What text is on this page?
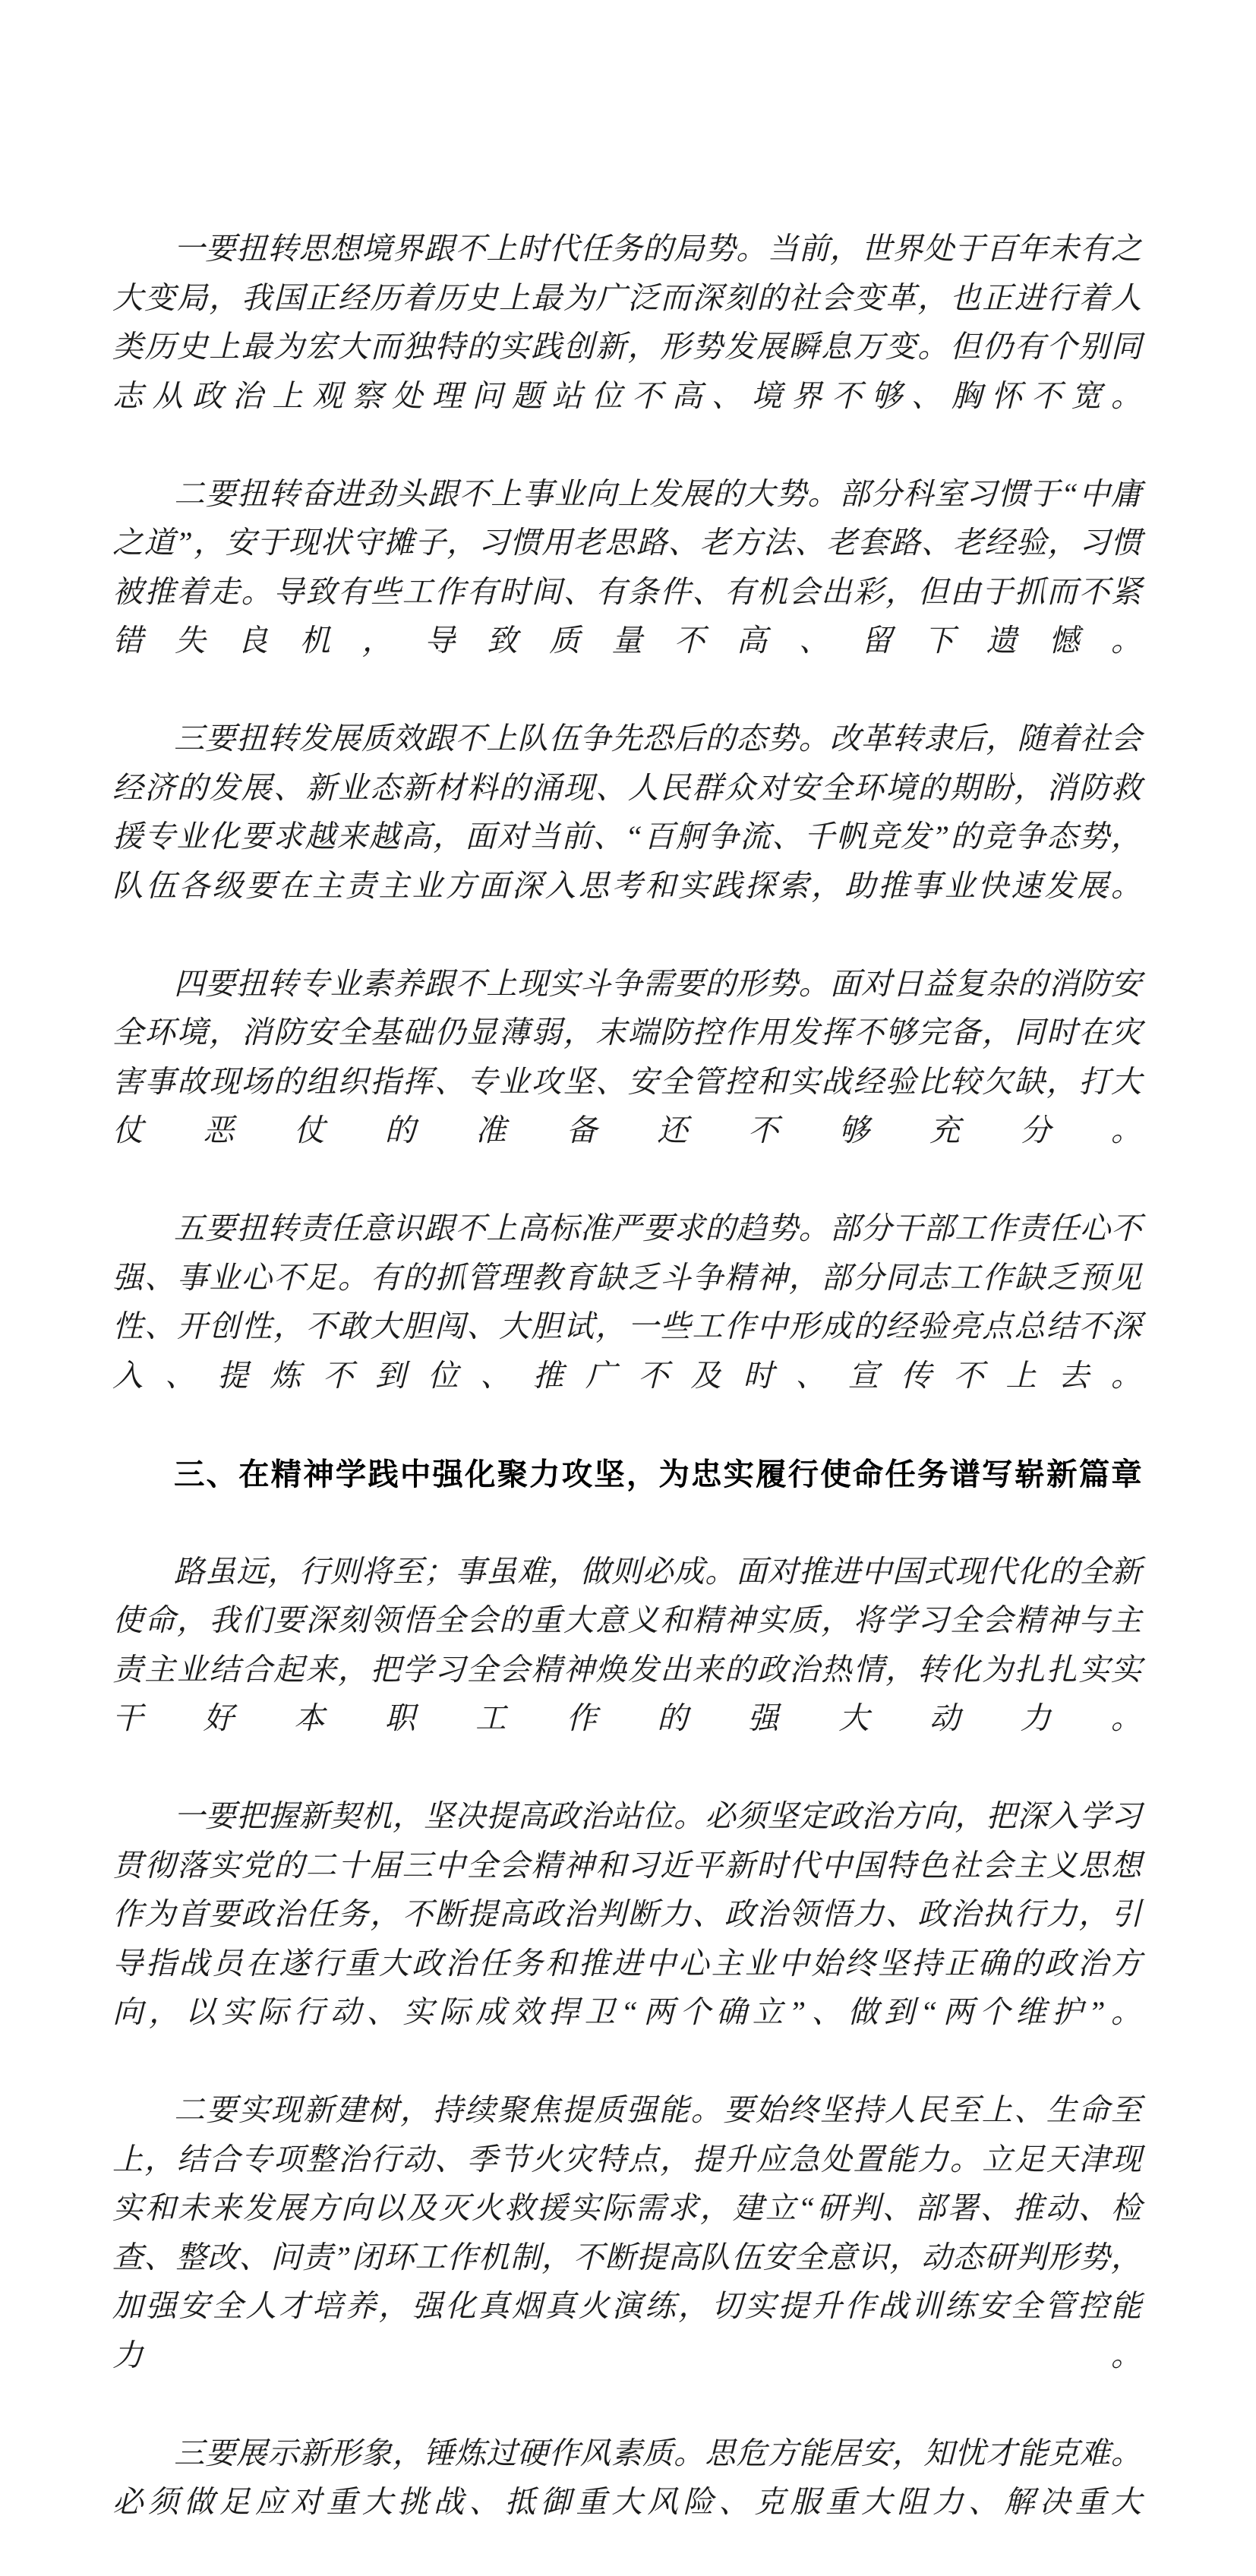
一要扭转思想境界跟不上时代任务的局势。当前，世界处于百年未有之大变局，我国正经历着历史上最为广泛而深刻的社会变革，也正进行着人类历史上最为宏大而独特的实践创新，形势发展瞬息万变。但仍有个别同志从政治上观察处理问题站位不高、境界不够、胸怀不宽。

二要扭转奋进劲头跟不上事业向上发展的大势。部分科室习惯于“中庸之道”，安于现状守摊子，习惯用老思路、老方法、老套路、老经验，习惯被推着走。导致有些工作有时间、有条件、有机会出彩，但由于抓而不紧错失良机，导致质量不高、留下遗憾。

三要扭转发展质效跟不上队伍争先恐后的态势。改革转隶后，随着社会经济的发展、新业态新材料的涌现、人民群众对安全环境的期盼，消防救援专业化要求越来越高，面对当前、“百舸争流、千帆竞发”的竞争态势，队伍各级要在主责主业方面深入思考和实践探索，助推事业快速发展。

四要扭转专业素养跟不上现实斗争需要的形势。面对日益复杂的消防安全环境，消防安全基础仍显薄弱，末端防控作用发挥不够完备，同时在灾害事故现场的组织指挥、专业攻坚、安全管控和实战经验比较欠缺，打大仗恶仗的准备还不够充分。

五要扭转责任意识跟不上高标准严要求的趋势。部分干部工作责任心不强、事业心不足。有的抓管理教育缺乏斗争精神，部分同志工作缺乏预见性、开创性，不敢大胆闯、大胆试，一些工作中形成的经验亮点总结不深入、提炼不到位、推广不及时、宣传不上去。

三、在精神学践中强化聚力攻坚，为忠实履行使命任务谱写崭新篇章

路虽远，行则将至；事虽难，做则必成。面对推进中国式现代化的全新使命，我们要深刻领悟全会的重大意义和精神实质，将学习全会精神与主责主业结合起来，把学习全会精神焕发出来的政治热情，转化为扎扎实实干好本职工作的强大动力。

一要把握新契机，坚决提高政治站位。必须坚定政治方向，把深入学习贯彻落实党的二十届三中全会精神和习近平新时代中国特色社会主义思想作为首要政治任务，不断提高政治判断力、政治领悟力、政治执行力，引导指战员在遂行重大政治任务和推进中心主业中始终坚持正确的政治方向，以实际行动、实际成效捍卫“两个确立”、做到“两个维护”。

二要实现新建树，持续聚焦提质强能。要始终坚持人民至上、生命至上，结合专项整治行动、季节火灾特点，提升应急处置能力。立足天津现实和未来发展方向以及灭火救援实际需求，建立“研判、部署、推动、检查、整改、问责”闭环工作机制，不断提高队伍安全意识，动态研判形势，加强安全人才培养，强化真烟真火演练，切实提升作战训练安全管控能力。

三要展示新形象，锤炼过硬作风素质。思危方能居安，知忧才能克难。必须做足应对重大挑战、抵御重大风险、克服重大阻力、解决重大
